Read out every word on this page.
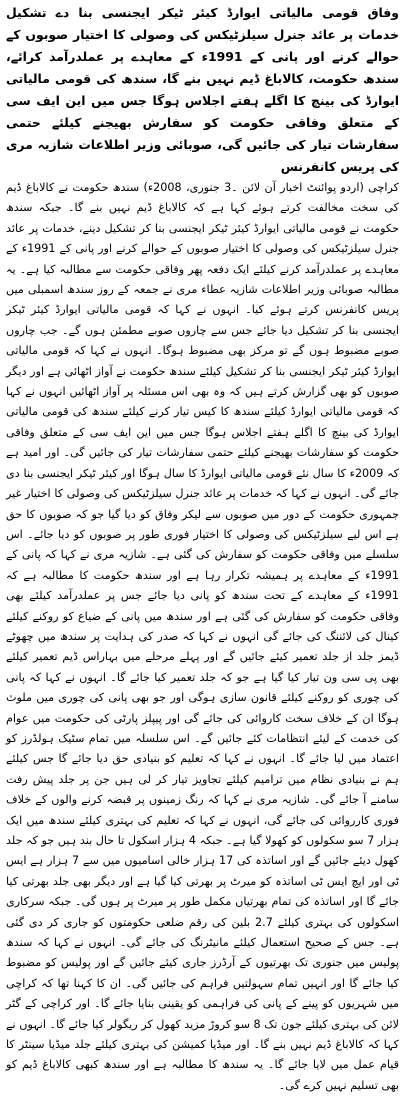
وفاق قومی مالیاتی ایوارڈ کیئر ٹیکر ایجنسی بنا دے تشکیل خدمات پر عائد جنرل سیلزٹیکس کی وصولی کا اختیار صوبوں کے حوالے کرنے اور پانی کے 1991ء کے معاہدے پر عملدرآمد کرائے، سندھ حکومت، کالاباغ ڈیم نہیں بنے گا، سندھ کی قومی مالیاتی ایوارڈ کی بینچ کا اگلے ہفتے اجلاس ہوگا جس میں این ایف سی کے متعلق وفاقی حکومت کو سفارش بھیجنے کیلئے حتمی سفارشات تیار کی جائیں گی، صوبائی وزیر اطلاعات شازیہ مری کی پریس کانفرنس

کراچی (اردو پوائنٹ اخبار آن لائن ۔3 جنوری، 2008ء) سندھ حکومت نے کالاباغ ڈیم کی سخت مخالفت کرتے ہوئے کہا ہے کہ کالاباغ ڈیم نہیں بنے گا۔ جبکہ سندھ حکومت نے قومی مالیاتی ایوارڈ کیئر ٹیکر ایجنسی بنا کر تشکیل دینے، خدمات پر عائد جنرل سیلزٹیکس کی وصولی کا اختیار صوبوں کے حوالے کرنے اور پانی کے 1991ء کے معاہدے پر عملدرآمد کرنے کیلئے ایک دفعہ پھر وفاقی حکومت سے مطالبہ کیا ہے۔ یہ مطالبہ صوبائی وزیر اطلاعات شازیہ عطاء مری نے جمعہ کے روز سندھ اسمبلی میں پریس کانفرنس کرتے ہوئے کیا۔ انہوں نے کہا کہ قومی مالیاتی ایوارڈ کیئر ٹیکر ایجنسی بنا کر تشکیل دیا جائے جس سے چاروں صوبے مطمئن ہوں گے۔ جب چاروں صوبے مضبوط ہوں گے تو مرکز بھی مضبوط ہوگا۔ انہوں نے کہا کہ قومی مالیاتی ایوارڈ کیئر ٹیکر ایجنسی بنا کر تشکیل کیلئے سندھ حکومت نے آواز اٹھائی ہے اور دیگر صوبوں کو بھی گزارش کرتے ہیں کہ وہ بھی اس مسئلہ پر آواز اٹھائیں انہوں نے کہا کہ قومی مالیاتی ایوارڈ کیلئے سندھ کا کیس تیار کرنے کیلئے سندھ کی قومی مالیاتی ایوارڈ کی بینچ کا اگلے ہفتے اجلاس ہوگا جس میں این ایف سی کے متعلق وفاقی حکومت کو سفارشات بھیجنے کیلئے حتمی سفارشات تیار کی جائیں گی۔ اور امید ہے کہ 2009ء کا سال نئے قومی مالیاتی ایوارڈ کا سال ہوگا اور کیئر ٹیکر ایجنسی بنا دی جائے گی۔ انہوں نے کہا کہ خدمات پر عائد جنرل سیلزٹیکس کی وصولی کا اختیار غیر جمہوری حکومت کے دور میں صوبوں سے لیکر وفاق کو دیا گیا جو کہ صوبوں کا حق ہے اس لیے سیلزٹیکس کی وصولی کا اختیار فوری طور پر صوبوں کو دیا جائے۔ اس سلسلے میں وفاقی حکومت کو سفارش کی گئی ہے۔ شازیہ مری نے کہا کہ پانی کے 1991ء کے معاہدے پر ہمیشہ تکرار رہا ہے اور سندھ حکومت کا مطالبہ ہے کہ 1991ء کے معاہدے کے تحت سندھ کو پانی دیا جائے جس پر عملدرآمد کیلئے بھی وفاقی حکومت کو سفارش کی گئی ہے اور سندھ میں پانی کے ضیاع کو روکنے کیلئے کینال کی لائننگ کی جائے گی انہوں نے کہا کہ صدر کی ہدایت پر سندھ میں چھوٹے ڈیمز جلد از جلد تعمیر کیئے جائیں گے اور پہلے مرحلے میں بہاراس ڈیم تعمیر کیلئے بھی پی سی ون تیار کیا گیا ہے جو کہ جلد تعمیر کیا جائے گا۔ انہوں نے کہا کہ پانی کی چوری کو روکنے کیلئے قانون سازی ہوگی اور جو بھی پانی کی چوری میں ملوث ہوگا ان کے خلاف سخت کاروائی کی جائے گی اور پیپلز پارٹی کی حکومت میں عوام کی خدمت کے لیئے انتظامات کئے جائیں گے۔ اس سلسلہ میں تمام سٹیک ہولڈرز کو اعتماد میں لیا جائے گا۔ انہوں نے کہا کہ تعلیم کو بنیادی حق دیا جائے گا جس کیلئے ہم نے بنیادی نظام میں ترامیم کیلئے تجاویز تیار کر لی ہیں جن پر جلد پیش رفت سامنے آ جائے گی۔ شازیہ مری نے کہا کہ رنگ زمینوں پر قبضہ کرنے والوں کے خلاف فوری کارروائی کی جائے گی، انہوں نے کہا کہ تعلیم کی بہتری کیلئے سندھ میں ایک ہزار 7 سو سکولوں کو کھولا گیا ہے۔ جبکہ 4 ہزار اسکول تا حال بند ہیں جو کہ جلد کھول دیئے جائیں گے اور اساتذہ کی 17 ہزار خالی اسامیوں میں سے 7 ہزار ہے ایس ٹی اور ایچ ایس ٹی اساتذہ کو میرٹ پر بھرتی کیا گیا ہے اور دیگر بھی جلد بھرتی کیا جائے گا اور اساتذہ کی تمام بھرتیاں مکمل طور پر میرٹ پر ہوں گی۔ جبکہ سرکاری اسکولوں کی بہتری کیلئے 2.7 بلین کی رقم ضلعی حکومتوں کو جاری کر دی گئی ہے۔ جس کے صحیح استعمال کیلئے مانیٹرنگ کی جائے گی۔ انہوں نے کہا کہ سندھ پولیس میں جنوری تک بھرتیوں کے آرڈرز جاری کیئے جائیں گے اور پولیس کو مضبوط کیا جائے گا اور انہیں تمام سہولتیں فراہم کی جائیں گی۔ ان کا کہنا تھا کہ کراچی میں شہریوں کو پینے کے پانی کی فراہمی کو یقینی بنایا جائے گا۔ اور کراچی کے گٹر لائن کی بہتری کیلئے جون تک 8 سو کروڑ مزید کھول کر ریگولر کیا جائے گا۔ انہوں نے کہا کہ کالاباغ ڈیم نہیں بنے گا۔ اور میڈیا کمیشن کی بہتری کیلئے جلد میڈیا سینٹر کا قیام عمل میں لایا جائے گا۔ یہ سندھ کا مطالبہ ہے اور سندھ کبھی کالاباغ ڈیم کو بھی تسلیم نہیں کرے گی۔
